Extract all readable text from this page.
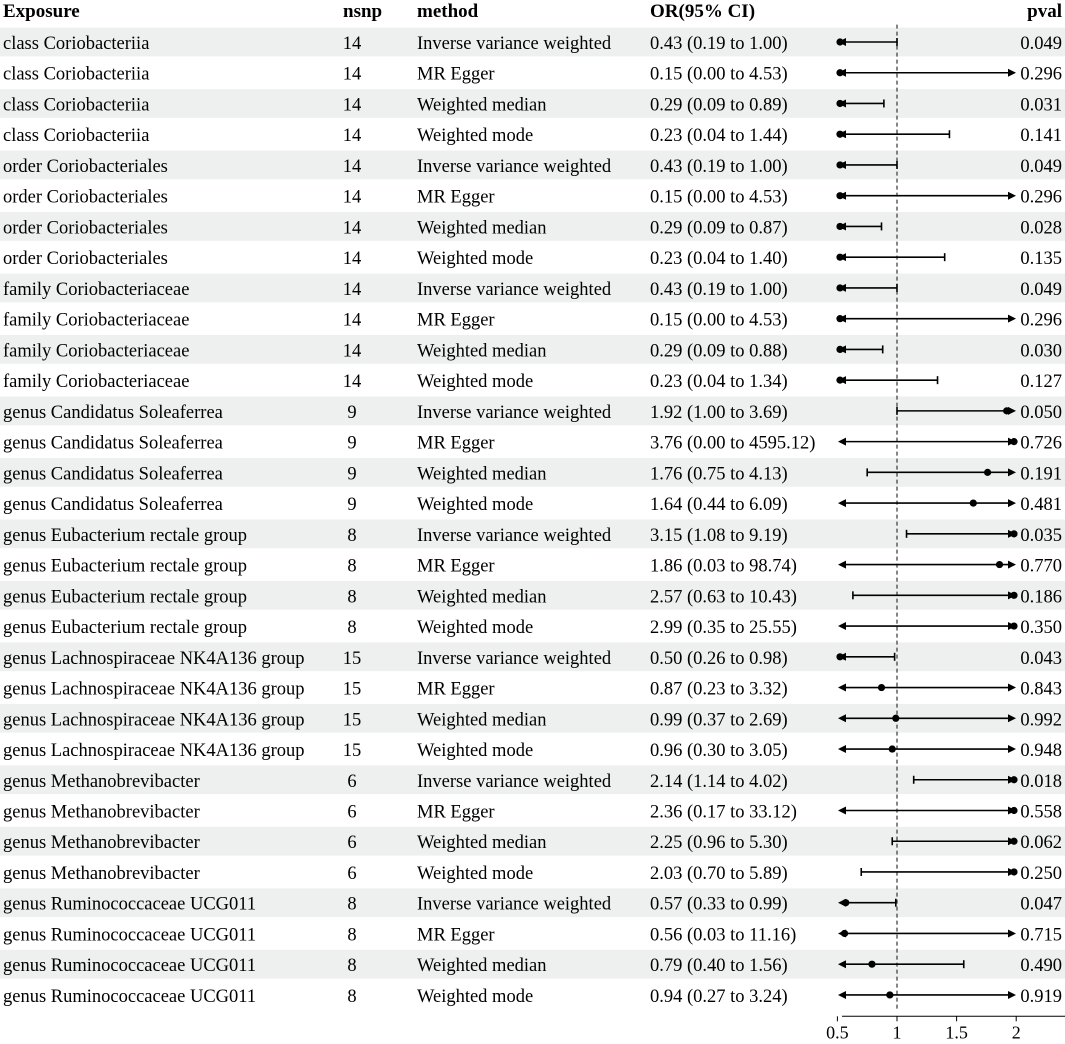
Exposure	nsnp method	OR(95% CI)	pval
class Coriobacteriia	14	Inverse variance weighted 0.43 (0.19 to 1.00)	0.049
class Coriobacteriia	14	MR Egger	0.15 (0.00 to 4.53)	0.296
class Coriobacteriia	14	Weighted median	0.29 (0.09 to 0.89)	0.031
class Coriobacteriia	14	Weighted mode	0.23 (0.04 to 1.44)	0.141
order Coriobacteriales	14	Inverse variance weighted 0.43 (0.19 to 1.00)	0.049
order Coriobacteriales	14	MR Egger	0.15 (0.00 to 4.53)	0.296
order Coriobacteriales	14	Weighted median	0.29 (0.09 to 0.87)	0.028
order Coriobacteriales	14	Weighted mode	0.23 (0.04 to 1.40)	0.135
family Coriobacteriaceae	14	Inverse variance weighted 0.43 (0.19 to 1.00)	0.049
family Coriobacteriaceae	14	MR Egger	0.15 (0.00 to 4.53)	0.296
family Coriobacteriaceae	14	Weighted median	0.29 (0.09 to 0.88)	0.030
family Coriobacteriaceae	14	Weighted mode	0.23 (0.04 to 1.34)	0.127
genus Candidatus Soleaferrea	9	Inverse variance weighted 1.92 (1.00 to 3.69)	0.050
genus Candidatus Soleaferrea	9	MR Egger	3.76 (0.00 to 4595.12)	0.726
genus Candidatus Soleaferrea	9	Weighted median	1.76 (0.75 to 4.13)	0.191
genus Candidatus Soleaferrea	9	Weighted mode	1.64 (0.44 to 6.09)	0.481
genus Eubacterium rectale group	8	Inverse variance weighted 3.15 (1.08 to 9.19)	0.035
genus Eubacterium rectale group	8	MR Egger	1.86 (0.03 to 98.74)	0.770
genus Eubacterium rectale group	8	Weighted median	2.57 (0.63 to 10.43)	0.186
genus Eubacterium rectale group	8	Weighted mode	2.99 (0.35 to 25.55)	0.350
genus Lachnospiraceae NK4A136 group 15	Inverse variance weighted 0.50 (0.26 to 0.98)	0.043
genus Lachnospiraceae NK4A136 group 15	MR Egger	0.87 (0.23 to 3.32)	0.843
genus Lachnospiraceae NK4A136 group 15	Weighted median	0.99 (0.37 to 2.69)	0.992
genus Lachnospiraceae NK4A136 group 15	Weighted mode	0.96 (0.30 to 3.05)	0.948
genus Methanobrevibacter	6	Inverse variance weighted 2.14 (1.14 to 4.02)	0.018
genus Methanobrevibacter	6	MR Egger	2.36 (0.17 to 33.12)	0.558
genus Methanobrevibacter	6	Weighted median	2.25 (0.96 to 5.30)	0.062
genus Methanobrevibacter	6	Weighted mode	2.03 (0.70 to 5.89)	0.250
genus Ruminococcaceae UCG011	8	Inverse variance weighted 0.57 (0.33 to 0.99)	0.047
genus Ruminococcaceae UCG011	8	MR Egger	0.56 (0.03 to 11.16)	0.715
genus Ruminococcaceae UCG011	8	Weighted median	0.79 (0.40 to 1.56)	0.490
genus Ruminococcaceae UCG011	8	Weighted mode	0.94 (0.27 to 3.24)	0.919
0.5 1 1.5 2
